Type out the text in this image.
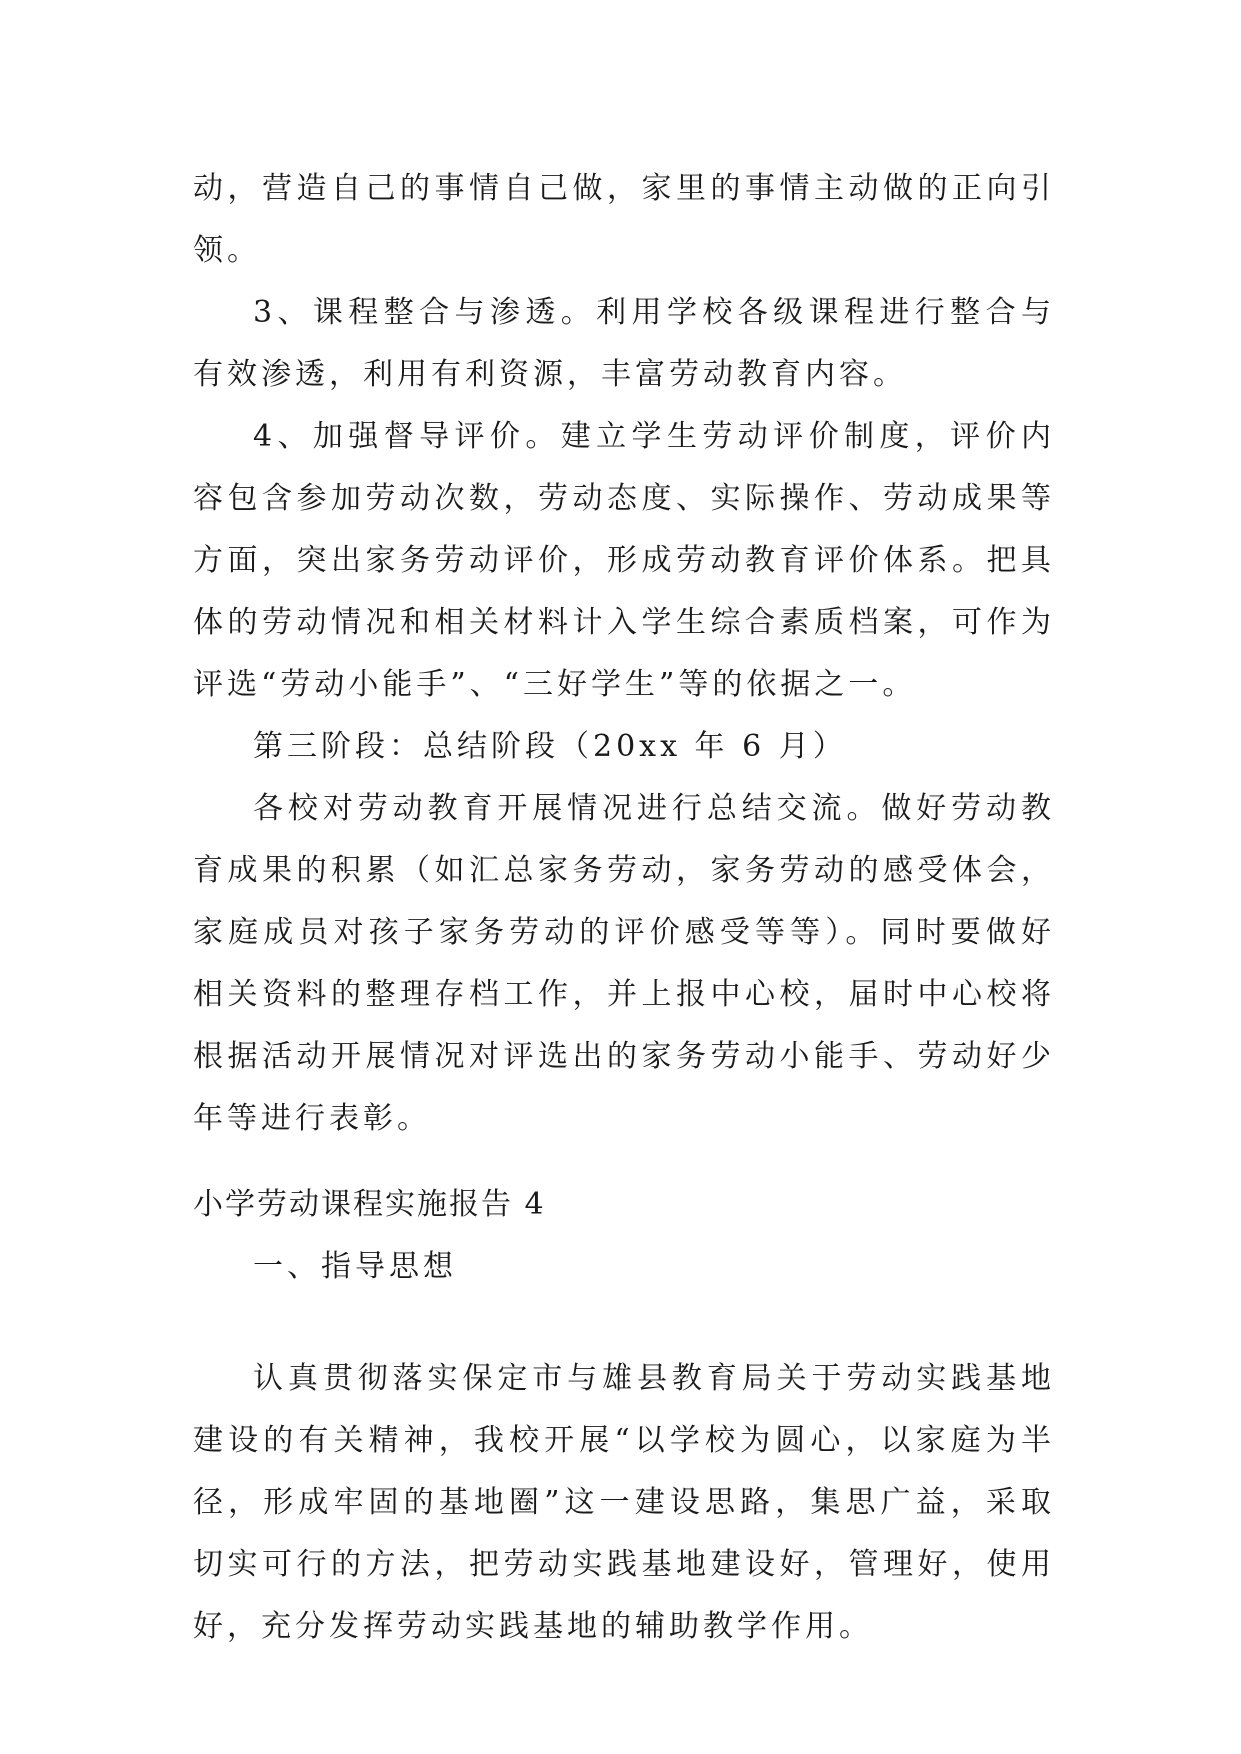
动，营造自己的事情自己做，家里的事情主动做的正向引领。

3、课程整合与渗透。利用学校各级课程进行整合与有效渗透，利用有利资源，丰富劳动教育内容。

4、加强督导评价。建立学生劳动评价制度，评价内容包含参加劳动次数，劳动态度、实际操作、劳动成果等方面，突出家务劳动评价，形成劳动教育评价体系。把具体的劳动情况和相关材料计入学生综合素质档案，可作为评选“劳动小能手”、“三好学生”等的依据之一。

第三阶段：总结阶段（20xx 年 6 月）

各校对劳动教育开展情况进行总结交流。做好劳动教育成果的积累（如汇总家务劳动，家务劳动的感受体会，家庭成员对孩子家务劳动的评价感受等等）。同时要做好相关资料的整理存档工作，并上报中心校，届时中心校将根据活动开展情况对评选出的家务劳动小能手、劳动好少年等进行表彰。

小学劳动课程实施报告 4

一、指导思想

认真贯彻落实保定市与雄县教育局关于劳动实践基地建设的有关精神，我校开展“以学校为圆心，以家庭为半径，形成牢固的基地圈”这一建设思路，集思广益，采取切实可行的方法，把劳动实践基地建设好，管理好，使用好，充分发挥劳动实践基地的辅助教学作用。
